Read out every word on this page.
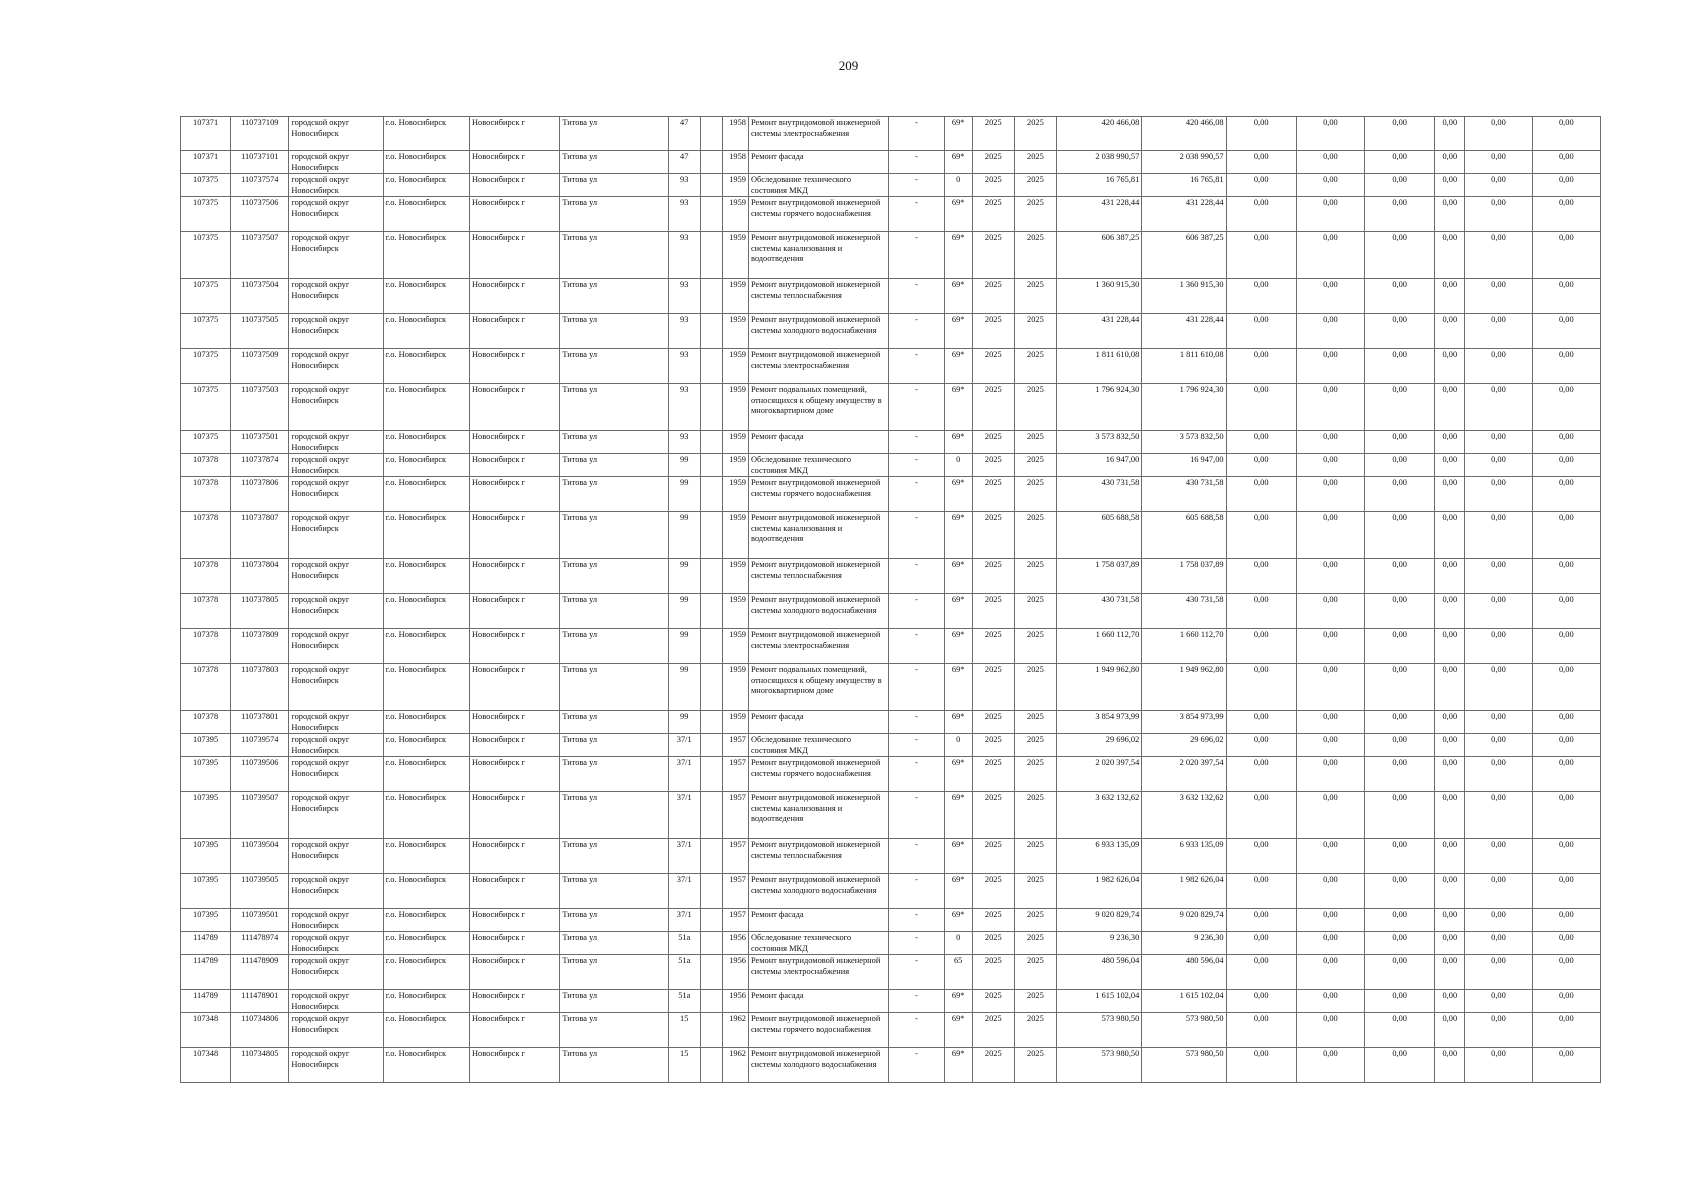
209
107371	110737109	городской округ Новосибирск	г.о. Новосибирск	Новосибирск г	Титова ул	47		1958	Ремонт внутридомовой инженерной системы электроснабжения	-	69*	2025	2025	420 466,08	420 466,08	0,00	0,00	0,00	0,00	0,00	0,00
107371	110737101	городской округ Новосибирск	г.о. Новосибирск	Новосибирск г	Титова ул	47		1958	Ремонт фасада	-	69*	2025	2025	2 038 990,57	2 038 990,57	0,00	0,00	0,00	0,00	0,00	0,00
107375	110737574	городской округ Новосибирск	г.о. Новосибирск	Новосибирск г	Титова ул	93		1959	Обследование технического состояния МКД	-	0	2025	2025	16 765,81	16 765,81	0,00	0,00	0,00	0,00	0,00	0,00
107375	110737506	городской округ Новосибирск	г.о. Новосибирск	Новосибирск г	Титова ул	93		1959	Ремонт внутридомовой инженерной системы горячего водоснабжения	-	69*	2025	2025	431 228,44	431 228,44	0,00	0,00	0,00	0,00	0,00	0,00
107375	110737507	городской округ Новосибирск	г.о. Новосибирск	Новосибирск г	Титова ул	93		1959	Ремонт внутридомовой инженерной системы канализования и водоотведения	-	69*	2025	2025	606 387,25	606 387,25	0,00	0,00	0,00	0,00	0,00	0,00
107375	110737504	городской округ Новосибирск	г.о. Новосибирск	Новосибирск г	Титова ул	93		1959	Ремонт внутридомовой инженерной системы теплоснабжения	-	69*	2025	2025	1 360 915,30	1 360 915,30	0,00	0,00	0,00	0,00	0,00	0,00
107375	110737505	городской округ Новосибирск	г.о. Новосибирск	Новосибирск г	Титова ул	93		1959	Ремонт внутридомовой инженерной системы холодного водоснабжения	-	69*	2025	2025	431 228,44	431 228,44	0,00	0,00	0,00	0,00	0,00	0,00
107375	110737509	городской округ Новосибирск	г.о. Новосибирск	Новосибирск г	Титова ул	93		1959	Ремонт внутридомовой инженерной системы электроснабжения	-	69*	2025	2025	1 811 610,08	1 811 610,08	0,00	0,00	0,00	0,00	0,00	0,00
107375	110737503	городской округ Новосибирск	г.о. Новосибирск	Новосибирск г	Титова ул	93		1959	Ремонт подвальных помещений, относящихся к общему имуществу в многоквартирном доме	-	69*	2025	2025	1 796 924,30	1 796 924,30	0,00	0,00	0,00	0,00	0,00	0,00
107375	110737501	городской округ Новосибирск	г.о. Новосибирск	Новосибирск г	Титова ул	93		1959	Ремонт фасада	-	69*	2025	2025	3 573 832,50	3 573 832,50	0,00	0,00	0,00	0,00	0,00	0,00
107378	110737874	городской округ Новосибирск	г.о. Новосибирск	Новосибирск г	Титова ул	99		1959	Обследование технического состояния МКД	-	0	2025	2025	16 947,00	16 947,00	0,00	0,00	0,00	0,00	0,00	0,00
107378	110737806	городской округ Новосибирск	г.о. Новосибирск	Новосибирск г	Титова ул	99		1959	Ремонт внутридомовой инженерной системы горячего водоснабжения	-	69*	2025	2025	430 731,58	430 731,58	0,00	0,00	0,00	0,00	0,00	0,00
107378	110737807	городской округ Новосибирск	г.о. Новосибирск	Новосибирск г	Титова ул	99		1959	Ремонт внутридомовой инженерной системы канализования и водоотведения	-	69*	2025	2025	605 688,58	605 688,58	0,00	0,00	0,00	0,00	0,00	0,00
107378	110737804	городской округ Новосибирск	г.о. Новосибирск	Новосибирск г	Титова ул	99		1959	Ремонт внутридомовой инженерной системы теплоснабжения	-	69*	2025	2025	1 758 037,89	1 758 037,89	0,00	0,00	0,00	0,00	0,00	0,00
107378	110737805	городской округ Новосибирск	г.о. Новосибирск	Новосибирск г	Титова ул	99		1959	Ремонт внутридомовой инженерной системы холодного водоснабжения	-	69*	2025	2025	430 731,58	430 731,58	0,00	0,00	0,00	0,00	0,00	0,00
107378	110737809	городской округ Новосибирск	г.о. Новосибирск	Новосибирск г	Титова ул	99		1959	Ремонт внутридомовой инженерной системы электроснабжения	-	69*	2025	2025	1 660 112,70	1 660 112,70	0,00	0,00	0,00	0,00	0,00	0,00
107378	110737803	городской округ Новосибирск	г.о. Новосибирск	Новосибирск г	Титова ул	99		1959	Ремонт подвальных помещений, относящихся к общему имуществу в многоквартирном доме	-	69*	2025	2025	1 949 962,80	1 949 962,80	0,00	0,00	0,00	0,00	0,00	0,00
107378	110737801	городской округ Новосибирск	г.о. Новосибирск	Новосибирск г	Титова ул	99		1959	Ремонт фасада	-	69*	2025	2025	3 854 973,99	3 854 973,99	0,00	0,00	0,00	0,00	0,00	0,00
107395	110739574	городской округ Новосибирск	г.о. Новосибирск	Новосибирск г	Титова ул	37/1		1957	Обследование технического состояния МКД	-	0	2025	2025	29 696,02	29 696,02	0,00	0,00	0,00	0,00	0,00	0,00
107395	110739506	городской округ Новосибирск	г.о. Новосибирск	Новосибирск г	Титова ул	37/1		1957	Ремонт внутридомовой инженерной системы горячего водоснабжения	-	69*	2025	2025	2 020 397,54	2 020 397,54	0,00	0,00	0,00	0,00	0,00	0,00
107395	110739507	городской округ Новосибирск	г.о. Новосибирск	Новосибирск г	Титова ул	37/1		1957	Ремонт внутридомовой инженерной системы канализования и водоотведения	-	69*	2025	2025	3 632 132,62	3 632 132,62	0,00	0,00	0,00	0,00	0,00	0,00
107395	110739504	городской округ Новосибирск	г.о. Новосибирск	Новосибирск г	Титова ул	37/1		1957	Ремонт внутридомовой инженерной системы теплоснабжения	-	69*	2025	2025	6 933 135,09	6 933 135,09	0,00	0,00	0,00	0,00	0,00	0,00
107395	110739505	городской округ Новосибирск	г.о. Новосибирск	Новосибирск г	Титова ул	37/1		1957	Ремонт внутридомовой инженерной системы холодного водоснабжения	-	69*	2025	2025	1 982 626,04	1 982 626,04	0,00	0,00	0,00	0,00	0,00	0,00
107395	110739501	городской округ Новосибирск	г.о. Новосибирск	Новосибирск г	Титова ул	37/1		1957	Ремонт фасада	-	69*	2025	2025	9 020 829,74	9 020 829,74	0,00	0,00	0,00	0,00	0,00	0,00
114789	111478974	городской округ Новосибирск	г.о. Новосибирск	Новосибирск г	Титова ул	51а		1956	Обследование технического состояния МКД	-	0	2025	2025	9 236,30	9 236,30	0,00	0,00	0,00	0,00	0,00	0,00
114789	111478909	городской округ Новосибирск	г.о. Новосибирск	Новосибирск г	Титова ул	51а		1956	Ремонт внутридомовой инженерной системы электроснабжения	-	65	2025	2025	480 596,04	480 596,04	0,00	0,00	0,00	0,00	0,00	0,00
114789	111478901	городской округ Новосибирск	г.о. Новосибирск	Новосибирск г	Титова ул	51а		1956	Ремонт фасада	-	69*	2025	2025	1 615 102,04	1 615 102,04	0,00	0,00	0,00	0,00	0,00	0,00
107348	110734806	городской округ Новосибирск	г.о. Новосибирск	Новосибирск г	Титова ул	15		1962	Ремонт внутридомовой инженерной системы горячего водоснабжения	-	69*	2025	2025	573 980,50	573 980,50	0,00	0,00	0,00	0,00	0,00	0,00
107348	110734805	городской округ Новосибирск	г.о. Новосибирск	Новосибирск г	Титова ул	15		1962	Ремонт внутридомовой инженерной системы холодного водоснабжения	-	69*	2025	2025	573 980,50	573 980,50	0,00	0,00	0,00	0,00	0,00	0,00
